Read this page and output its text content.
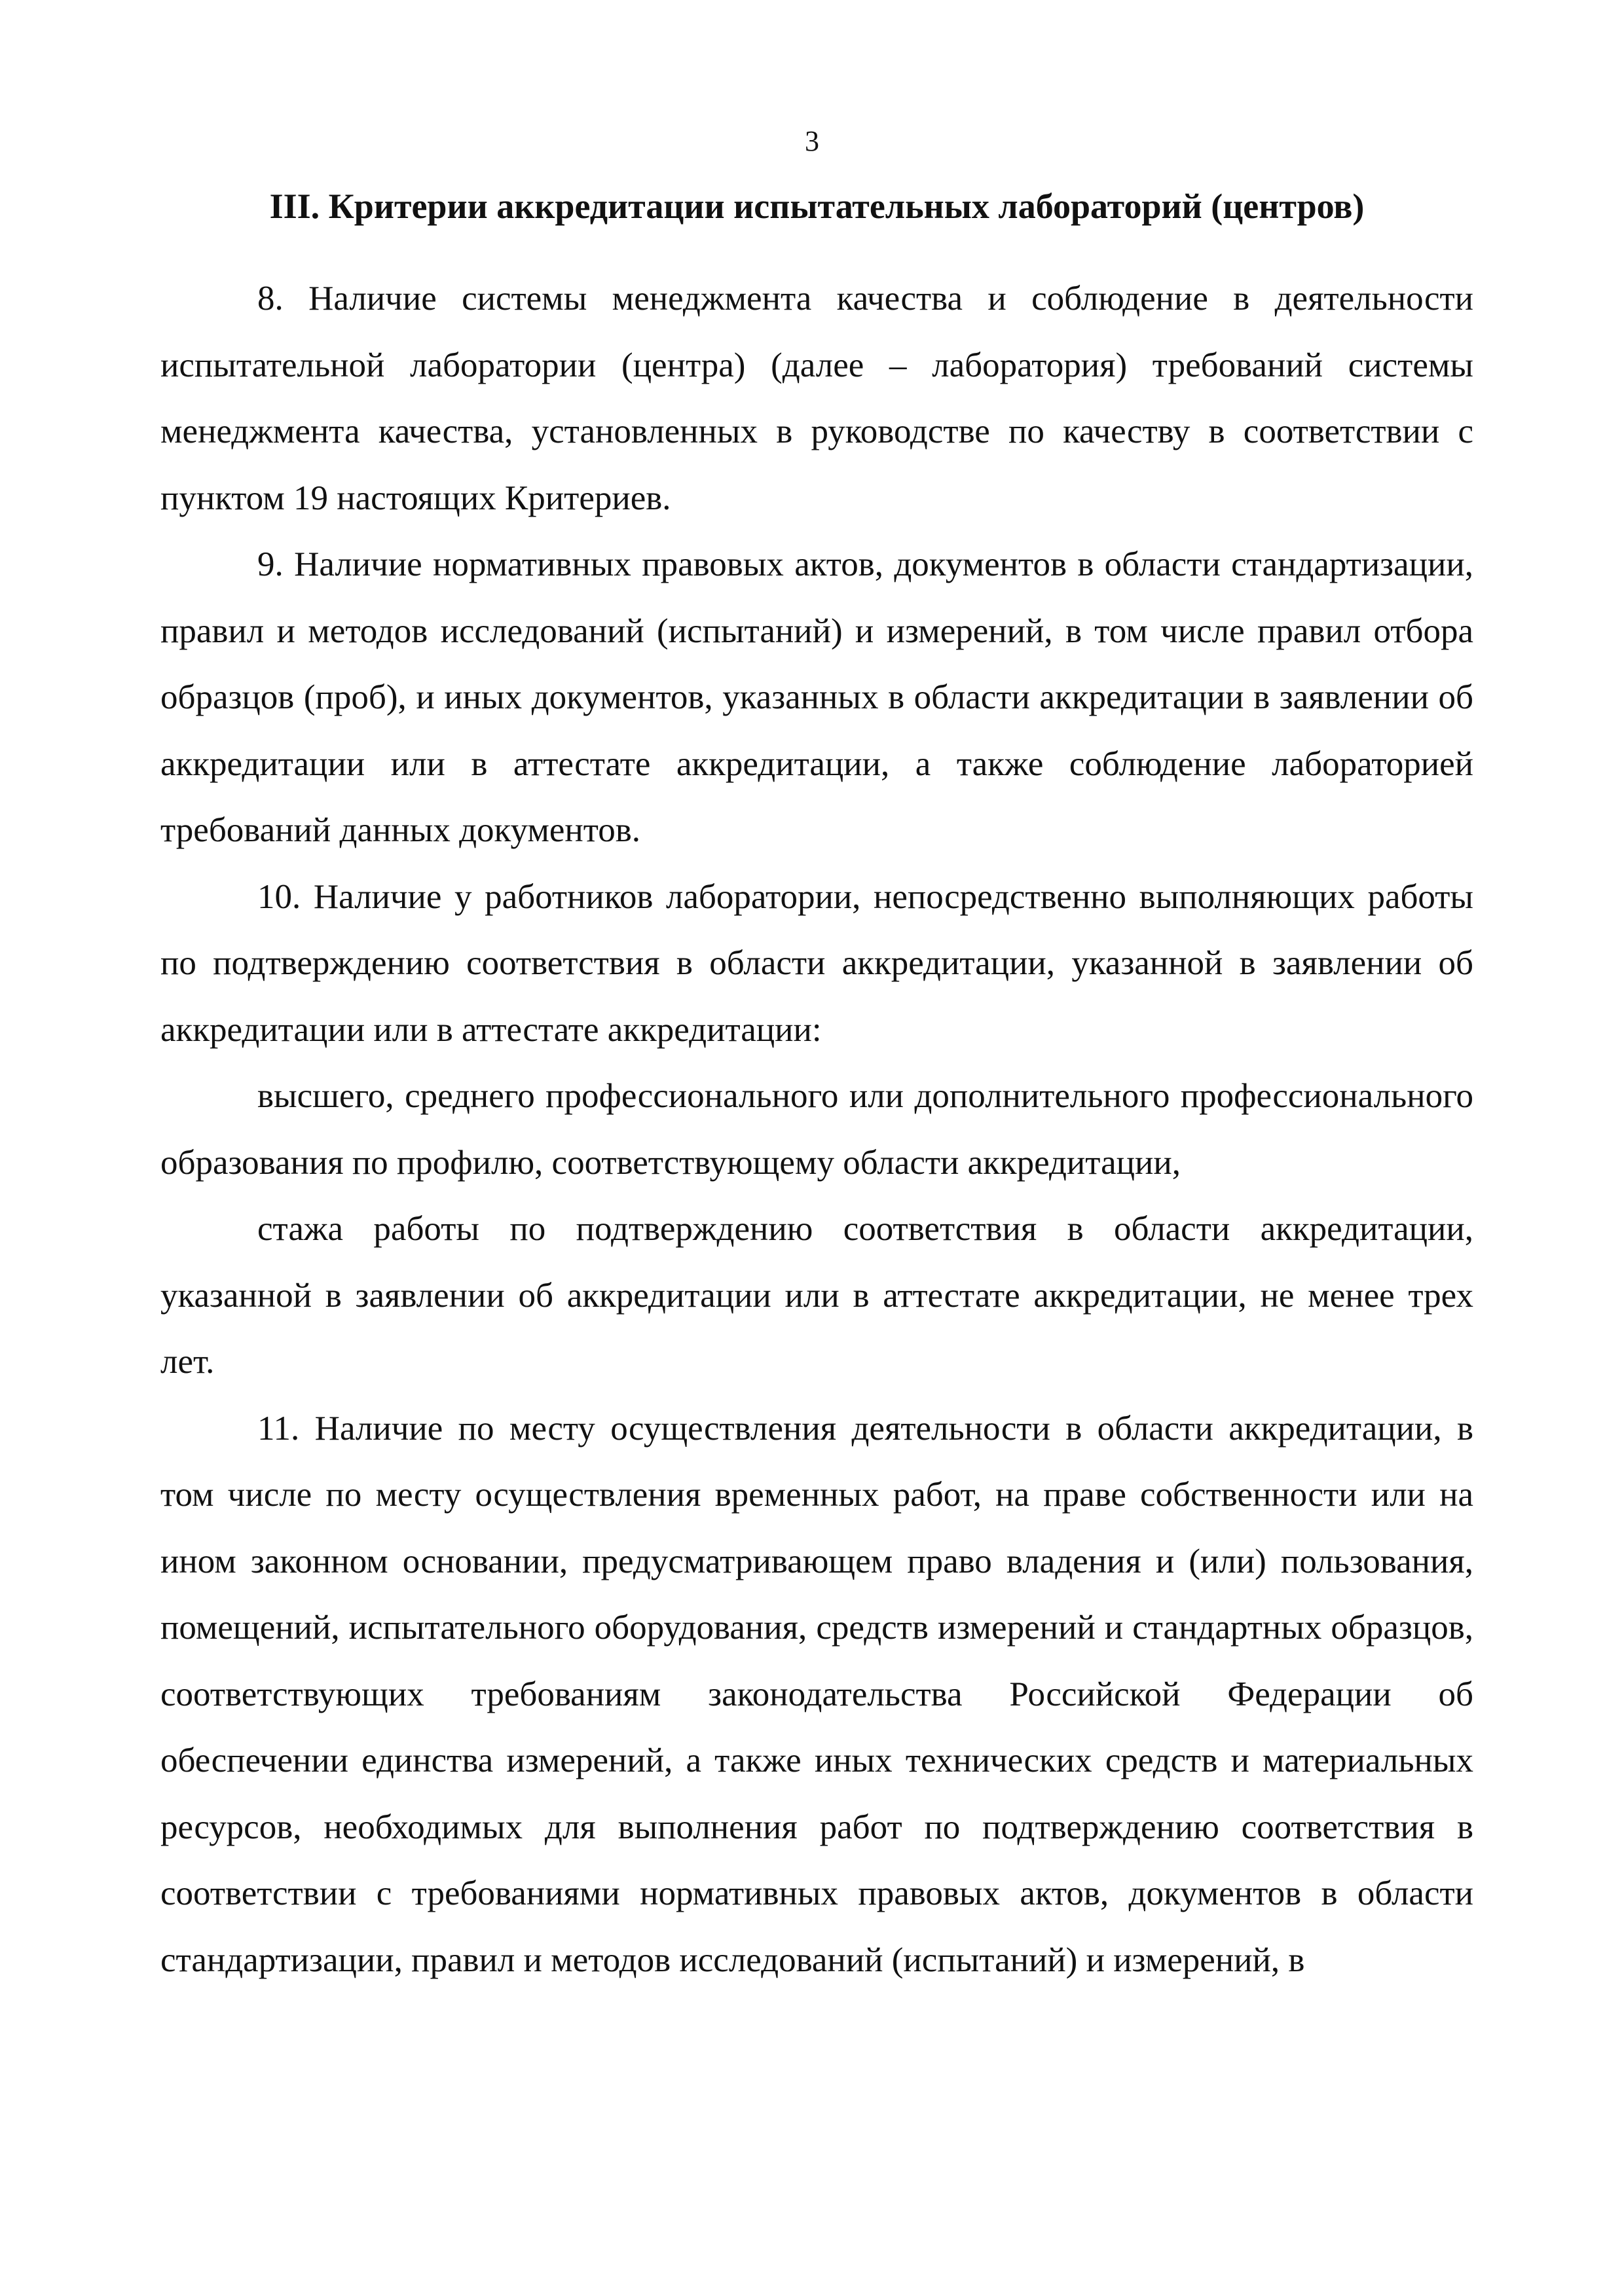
3
III. Критерии аккредитации испытательных лабораторий (центров)

8. Наличие системы менеджмента качества и соблюдение в деятельности испытательной лаборатории (центра) (далее – лаборатория) требований системы менеджмента качества, установленных в руководстве по качеству в соответствии с пунктом 19 настоящих Критериев.

9. Наличие нормативных правовых актов, документов в области стандартизации, правил и методов исследований (испытаний) и измерений, в том числе правил отбора образцов (проб), и иных документов, указанных в области аккредитации в заявлении об аккредитации или в аттестате аккредитации, а также соблюдение лабораторией требований данных документов.

10. Наличие у работников лаборатории, непосредственно выполняющих работы по подтверждению соответствия в области аккредитации, указанной в заявлении об аккредитации или в аттестате аккредитации:

высшего, среднего профессионального или дополнительного профессионального образования по профилю, соответствующему области аккредитации,

стажа работы по подтверждению соответствия в области аккредитации, указанной в заявлении об аккредитации или в аттестате аккредитации, не менее трех лет.

11. Наличие по месту осуществления деятельности в области аккредитации, в том числе по месту осуществления временных работ, на праве собственности или на ином законном основании, предусматривающем право владения и (или) пользования, помещений, испытательного оборудования, средств измерений и стандартных образцов, соответствующих требованиям законодательства Российской Федерации об обеспечении единства измерений, а также иных технических средств и материальных ресурсов, необходимых для выполнения работ по подтверждению соответствия в соответствии с требованиями нормативных правовых актов, документов в области стандартизации, правил и методов исследований (испытаний) и измерений, в
